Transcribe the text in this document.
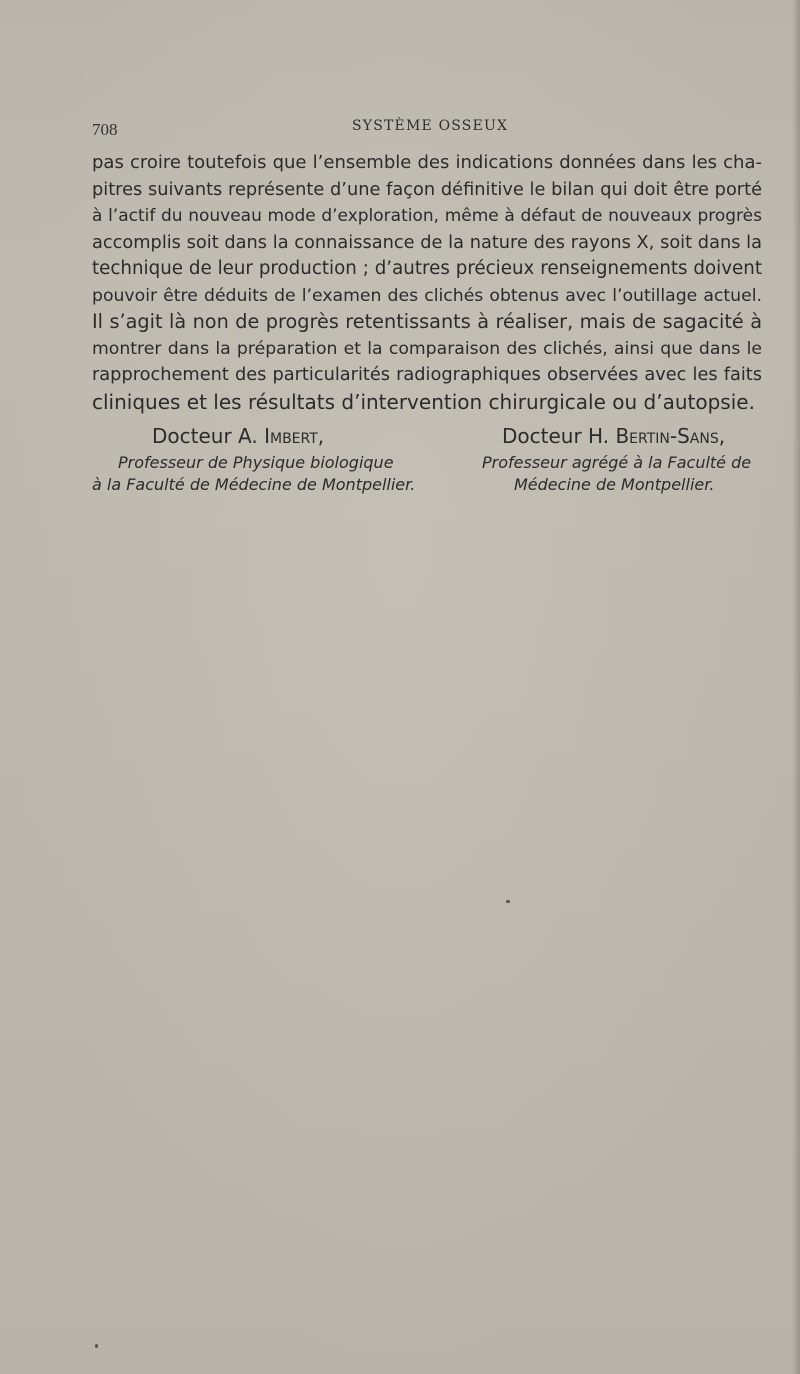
708	SYSTÈME OSSEUX
pas croire toutefois que l’ensemble des indications données dans les cha-
pitres suivants représente d’une façon définitive le bilan qui doit être porté
à l’actif du nouveau mode d’exploration, même à défaut de nouveaux progrès
accomplis soit dans la connaissance de la nature des rayons X, soit dans la
technique de leur production ; d’autres précieux renseignements doivent
pouvoir être déduits de l’examen des clichés obtenus avec l’outillage actuel.
Il s’agit là non de progrès retentissants à réaliser, mais de sagacité à
montrer dans la préparation et la comparaison des clichés, ainsi que dans le
rapprochement des particularités radiographiques observées avec les faits
cliniques et les résultats d’intervention chirurgicale ou d’autopsie.
Docteur A. Imbert,
Professeur de Physique biologique
à la Faculté de Médecine de Montpellier.
Docteur H. Bertin-Sans,
Professeur agrégé à la Faculté de
Médecine de Montpellier.
